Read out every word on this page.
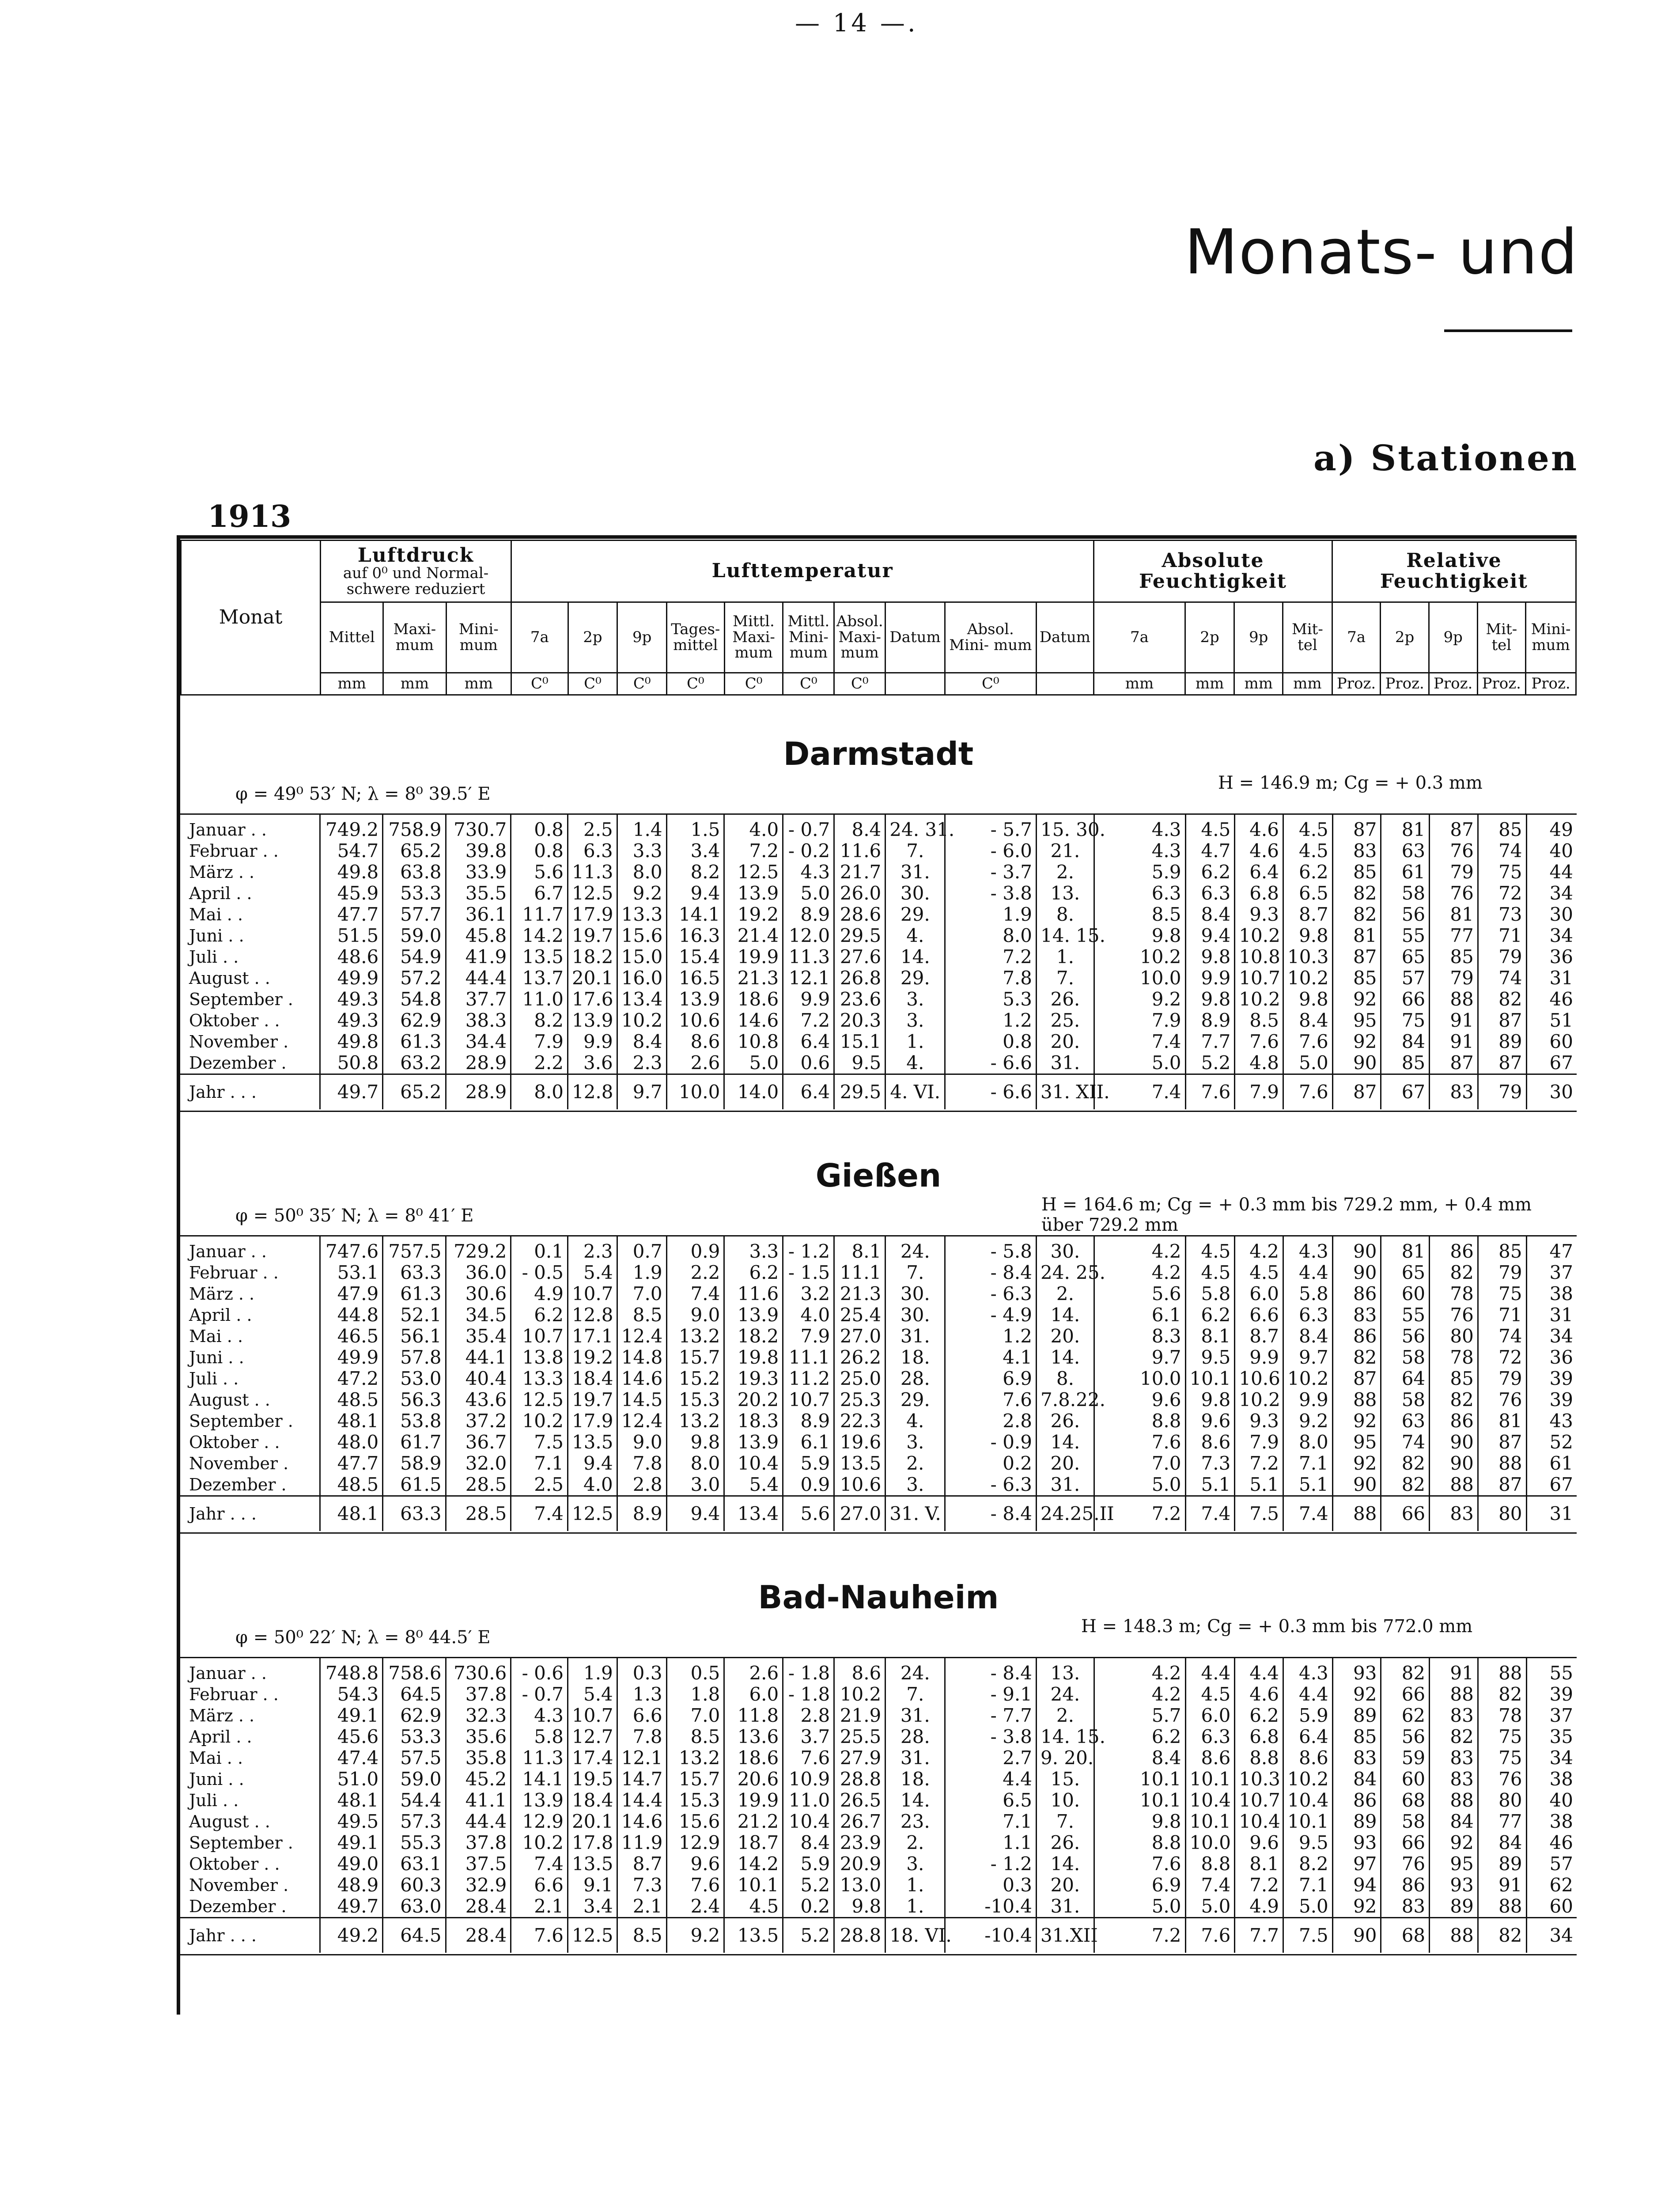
— 14 —.
Monats- und
a) Stationen
1913
Monat	Luftdruck
auf 0⁰ und Normal- schwere reduziert			Lufttemperatur										Absolute Feuchtigkeit				Relative Feuchtigkeit				
	Mittel	Maxi- mum	Mini- mum	7a	2p	9p	Tages- mittel	Mittl. Maxi- mum	Mittl. Mini- mum	Absol. Maxi- mum	Datum	Absol. Mini- mum	Datum	7a	2p	9p	Mit- tel	7a	2p	9p	Mit- tel	Mini- mum
	mm	mm	mm	C⁰	C⁰	C⁰	C⁰	C⁰	C⁰	C⁰		C⁰		mm	mm	mm	mm	Proz.	Proz.	Proz.	Proz.	Proz.
Darmstadt
φ = 49⁰ 53′ N; λ = 8⁰ 39.5′ E
H = 146.9 m; Cg = + 0.3 mm
Januar . .	749.2	758.9	730.7	0.8	2.5	1.4	1.5	4.0	- 0.7	8.4	24. 31.	- 5.7	15. 30.	4.3	4.5	4.6	4.5	87	81	87	85	49
Februar . .	54.7	65.2	39.8	0.8	6.3	3.3	3.4	7.2	- 0.2	11.6	7.	- 6.0	21.	4.3	4.7	4.6	4.5	83	63	76	74	40
März . .	49.8	63.8	33.9	5.6	11.3	8.0	8.2	12.5	4.3	21.7	31.	- 3.7	2.	5.9	6.2	6.4	6.2	85	61	79	75	44
April . .	45.9	53.3	35.5	6.7	12.5	9.2	9.4	13.9	5.0	26.0	30.	- 3.8	13.	6.3	6.3	6.8	6.5	82	58	76	72	34
Mai . .	47.7	57.7	36.1	11.7	17.9	13.3	14.1	19.2	8.9	28.6	29.	1.9	8.	8.5	8.4	9.3	8.7	82	56	81	73	30
Juni . .	51.5	59.0	45.8	14.2	19.7	15.6	16.3	21.4	12.0	29.5	4.	8.0	14. 15.	9.8	9.4	10.2	9.8	81	55	77	71	34
Juli . .	48.6	54.9	41.9	13.5	18.2	15.0	15.4	19.9	11.3	27.6	14.	7.2	1.	10.2	9.8	10.8	10.3	87	65	85	79	36
August . .	49.9	57.2	44.4	13.7	20.1	16.0	16.5	21.3	12.1	26.8	29.	7.8	7.	10.0	9.9	10.7	10.2	85	57	79	74	31
September .	49.3	54.8	37.7	11.0	17.6	13.4	13.9	18.6	9.9	23.6	3.	5.3	26.	9.2	9.8	10.2	9.8	92	66	88	82	46
Oktober . .	49.3	62.9	38.3	8.2	13.9	10.2	10.6	14.6	7.2	20.3	3.	1.2	25.	7.9	8.9	8.5	8.4	95	75	91	87	51
November .	49.8	61.3	34.4	7.9	9.9	8.4	8.6	10.8	6.4	15.1	1.	0.8	20.	7.4	7.7	7.6	7.6	92	84	91	89	60
Dezember .	50.8	63.2	28.9	2.2	3.6	2.3	2.6	5.0	0.6	9.5	4.	- 6.6	31.	5.0	5.2	4.8	5.0	90	85	87	87	67
Jahr . . .	49.7	65.2	28.9	8.0	12.8	9.7	10.0	14.0	6.4	29.5	4. VI.	- 6.6	31. XII.	7.4	7.6	7.9	7.6	87	67	83	79	30
Gießen
φ = 50⁰ 35′ N; λ = 8⁰ 41′ E
H = 164.6 m; Cg = + 0.3 mm bis 729.2 mm, + 0.4 mm über 729.2 mm
Januar . .	747.6	757.5	729.2	0.1	2.3	0.7	0.9	3.3	- 1.2	8.1	24.	- 5.8	30.	4.2	4.5	4.2	4.3	90	81	86	85	47
Februar . .	53.1	63.3	36.0	- 0.5	5.4	1.9	2.2	6.2	- 1.5	11.1	7.	- 8.4	24. 25.	4.2	4.5	4.5	4.4	90	65	82	79	37
März . .	47.9	61.3	30.6	4.9	10.7	7.0	7.4	11.6	3.2	21.3	30.	- 6.3	2.	5.6	5.8	6.0	5.8	86	60	78	75	38
April . .	44.8	52.1	34.5	6.2	12.8	8.5	9.0	13.9	4.0	25.4	30.	- 4.9	14.	6.1	6.2	6.6	6.3	83	55	76	71	31
Mai . .	46.5	56.1	35.4	10.7	17.1	12.4	13.2	18.2	7.9	27.0	31.	1.2	20.	8.3	8.1	8.7	8.4	86	56	80	74	34
Juni . .	49.9	57.8	44.1	13.8	19.2	14.8	15.7	19.8	11.1	26.2	18.	4.1	14.	9.7	9.5	9.9	9.7	82	58	78	72	36
Juli . .	47.2	53.0	40.4	13.3	18.4	14.6	15.2	19.3	11.2	25.0	28.	6.9	8.	10.0	10.1	10.6	10.2	87	64	85	79	39
August . .	48.5	56.3	43.6	12.5	19.7	14.5	15.3	20.2	10.7	25.3	29.	7.6	7.8.22.	9.6	9.8	10.2	9.9	88	58	82	76	39
September .	48.1	53.8	37.2	10.2	17.9	12.4	13.2	18.3	8.9	22.3	4.	2.8	26.	8.8	9.6	9.3	9.2	92	63	86	81	43
Oktober . .	48.0	61.7	36.7	7.5	13.5	9.0	9.8	13.9	6.1	19.6	3.	- 0.9	14.	7.6	8.6	7.9	8.0	95	74	90	87	52
November .	47.7	58.9	32.0	7.1	9.4	7.8	8.0	10.4	5.9	13.5	2.	0.2	20.	7.0	7.3	7.2	7.1	92	82	90	88	61
Dezember .	48.5	61.5	28.5	2.5	4.0	2.8	3.0	5.4	0.9	10.6	3.	- 6.3	31.	5.0	5.1	5.1	5.1	90	82	88	87	67
Jahr . . .	48.1	63.3	28.5	7.4	12.5	8.9	9.4	13.4	5.6	27.0	31. V.	- 8.4	24.25.II	7.2	7.4	7.5	7.4	88	66	83	80	31
Bad-Nauheim
φ = 50⁰ 22′ N; λ = 8⁰ 44.5′ E
H = 148.3 m; Cg = + 0.3 mm bis 772.0 mm
Januar . .	748.8	758.6	730.6	- 0.6	1.9	0.3	0.5	2.6	- 1.8	8.6	24.	- 8.4	13.	4.2	4.4	4.4	4.3	93	82	91	88	55
Februar . .	54.3	64.5	37.8	- 0.7	5.4	1.3	1.8	6.0	- 1.8	10.2	7.	- 9.1	24.	4.2	4.5	4.6	4.4	92	66	88	82	39
März . .	49.1	62.9	32.3	4.3	10.7	6.6	7.0	11.8	2.8	21.9	31.	- 7.7	2.	5.7	6.0	6.2	5.9	89	62	83	78	37
April . .	45.6	53.3	35.6	5.8	12.7	7.8	8.5	13.6	3.7	25.5	28.	- 3.8	14. 15.	6.2	6.3	6.8	6.4	85	56	82	75	35
Mai . .	47.4	57.5	35.8	11.3	17.4	12.1	13.2	18.6	7.6	27.9	31.	2.7	9. 20.	8.4	8.6	8.8	8.6	83	59	83	75	34
Juni . .	51.0	59.0	45.2	14.1	19.5	14.7	15.7	20.6	10.9	28.8	18.	4.4	15.	10.1	10.1	10.3	10.2	84	60	83	76	38
Juli . .	48.1	54.4	41.1	13.9	18.4	14.4	15.3	19.9	11.0	26.5	14.	6.5	10.	10.1	10.4	10.7	10.4	86	68	88	80	40
August . .	49.5	57.3	44.4	12.9	20.1	14.6	15.6	21.2	10.4	26.7	23.	7.1	7.	9.8	10.1	10.4	10.1	89	58	84	77	38
September .	49.1	55.3	37.8	10.2	17.8	11.9	12.9	18.7	8.4	23.9	2.	1.1	26.	8.8	10.0	9.6	9.5	93	66	92	84	46
Oktober . .	49.0	63.1	37.5	7.4	13.5	8.7	9.6	14.2	5.9	20.9	3.	- 1.2	14.	7.6	8.8	8.1	8.2	97	76	95	89	57
November .	48.9	60.3	32.9	6.6	9.1	7.3	7.6	10.1	5.2	13.0	1.	0.3	20.	6.9	7.4	7.2	7.1	94	86	93	91	62
Dezember .	49.7	63.0	28.4	2.1	3.4	2.1	2.4	4.5	0.2	9.8	1.	-10.4	31.	5.0	5.0	4.9	5.0	92	83	89	88	60
Jahr . . .	49.2	64.5	28.4	7.6	12.5	8.5	9.2	13.5	5.2	28.8	18. VI.	-10.4	31.XII	7.2	7.6	7.7	7.5	90	68	88	82	34
